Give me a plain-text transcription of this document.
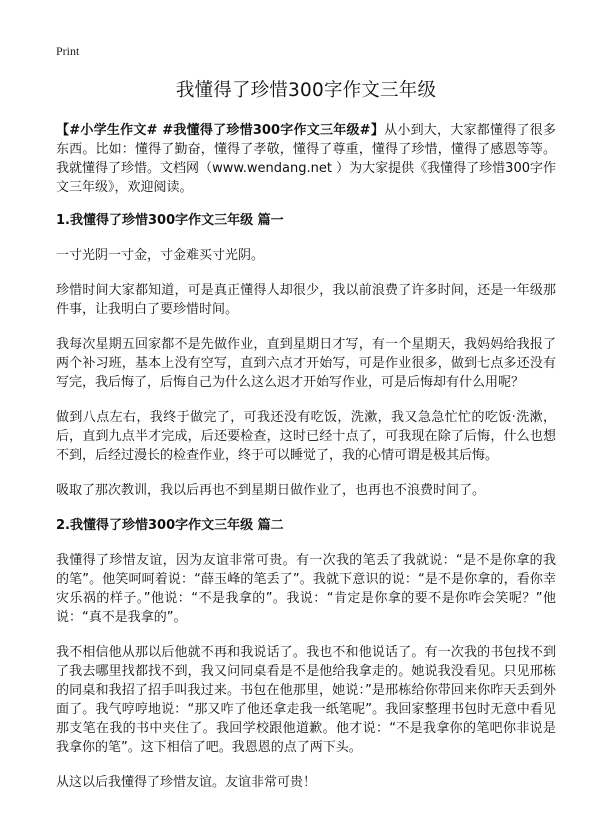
Print
我懂得了珍惜300字作文三年级

【#小学生作文# #我懂得了珍惜300字作文三年级#】从小到大，大家都懂得了很多东西。比如：懂得了勤奋，懂得了孝敬，懂得了尊重，懂得了珍惜，懂得了感恩等等。我就懂得了珍惜。文档网（www.wendang.net ）为大家提供《我懂得了珍惜300字作文三年级》，欢迎阅读。

1.我懂得了珍惜300字作文三年级 篇一

一寸光阴一寸金，寸金难买寸光阴。

珍惜时间大家都知道，可是真正懂得人却很少，我以前浪费了许多时间，还是一年级那件事，让我明白了要珍惜时间。

我每次星期五回家都不是先做作业，直到星期日才写，有一个星期天，我妈妈给我报了两个补习班，基本上没有空写，直到六点才开始写，可是作业很多，做到七点多还没有写完，我后悔了，后悔自己为什么这么迟才开始写作业，可是后悔却有什么用呢？

做到八点左右，我终于做完了，可我还没有吃饭，洗漱，我又急急忙忙的吃饭·洗漱，后，直到九点半才完成，后还要检查，这时已经十点了，可我现在除了后悔，什么也想不到，后经过漫长的检查作业，终于可以睡觉了，我的心情可谓是极其后悔。

吸取了那次教训，我以后再也不到星期日做作业了，也再也不浪费时间了。

2.我懂得了珍惜300字作文三年级 篇二

我懂得了珍惜友谊，因为友谊非常可贵。有一次我的笔丢了我就说：“是不是你拿的我的笔”。他笑呵呵着说：“薛玉峰的笔丢了”。我就下意识的说：“是不是你拿的，看你幸灾乐祸的样子。”他说：“不是我拿的”。我说：“肯定是你拿的要不是你咋会笑呢？”他说：“真不是我拿的”。

我不相信他从那以后他就不再和我说话了。我也不和他说话了。有一次我的书包找不到了我去哪里找都找不到，我又问同桌看是不是他给我拿走的。她说我没看见。只见邢栋的同桌和我招了招手叫我过来。书包在他那里，她说：”是邢栋给你带回来你昨天丢到外面了。我气哼哼地说：“那又咋了他还拿走我一纸笔呢”。我回家整理书包时无意中看见那支笔在我的书中夹住了。我回学校跟他道歉。他才说：“不是我拿你的笔吧你非说是我拿你的笔”。这下相信了吧。我恩恩的点了两下头。

从这以后我懂得了珍惜友谊。友谊非常可贵！
